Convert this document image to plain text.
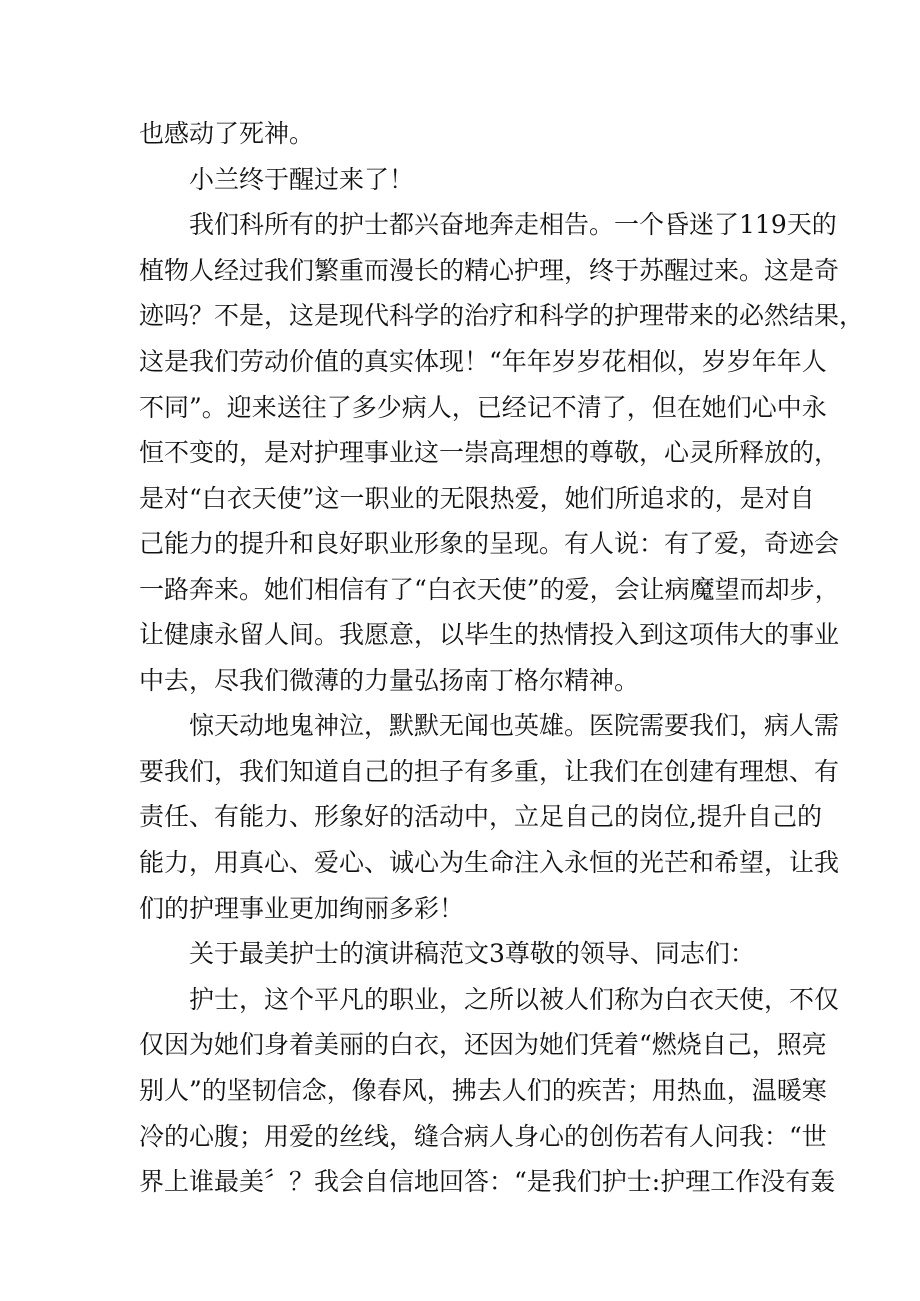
也感动了死神。
小兰终于醒过来了！
我们科所有的护士都兴奋地奔走相告。一个昏迷了119天的
植物人经过我们繁重而漫长的精心护理，终于苏醒过来。这是奇
迹吗？不是，这是现代科学的治疗和科学的护理带来的必然结果，
这是我们劳动价值的真实体现！“年年岁岁花相似，岁岁年年人
不同”。迎来送往了多少病人，已经记不清了，但在她们心中永
恒不变的，是对护理事业这一崇高理想的尊敬，心灵所释放的，
是对“白衣天使”这一职业的无限热爱，她们所追求的，是对自
己能力的提升和良好职业形象的呈现。有人说：有了爱，奇迹会
一路奔来。她们相信有了“白衣天使”的爱，会让病魔望而却步，
让健康永留人间。我愿意，以毕生的热情投入到这项伟大的事业
中去，尽我们微薄的力量弘扬南丁格尔精神。
惊天动地鬼神泣，默默无闻也英雄。医院需要我们，病人需
要我们，我们知道自己的担子有多重，让我们在创建有理想、有
责任、有能力、形象好的活动中，立足自己的岗位,提升自己的
能力，用真心、爱心、诚心为生命注入永恒的光芒和希望，让我
们的护理事业更加绚丽多彩！
关于最美护士的演讲稿范文3尊敬的领导、同志们：
护士，这个平凡的职业，之所以被人们称为白衣天使，不仅
仅因为她们身着美丽的白衣，还因为她们凭着“燃烧自己，照亮
别人”的坚韧信念，像春风，拂去人们的疾苦；用热血，温暖寒
冷的心腹；用爱的丝线，缝合病人身心的创伤若有人问我：“世
界上谁最美〞？我会自信地回答：“是我们护士:护理工作没有轰
